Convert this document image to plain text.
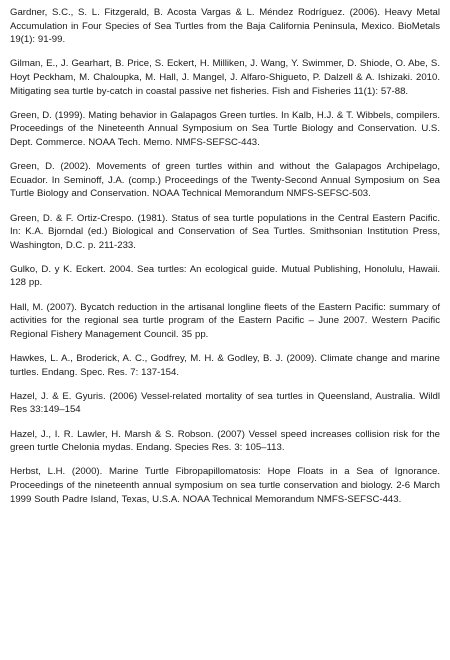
Gardner, S.C., S. L. Fitzgerald, B. Acosta Vargas & L. Méndez Rodríguez. (2006). Heavy Metal Accumulation in Four Species of Sea Turtles from the Baja California Peninsula, Mexico. BioMetals 19(1): 91-99.

Gilman, E., J. Gearhart, B. Price, S. Eckert, H. Milliken, J. Wang, Y. Swimmer, D. Shiode, O. Abe, S. Hoyt Peckham, M. Chaloupka, M. Hall, J. Mangel, J. Alfaro-Shigueto, P. Dalzell & A. Ishizaki. 2010. Mitigating sea turtle by-catch in coastal passive net fisheries. Fish and Fisheries 11(1): 57-88.

Green, D. (1999). Mating behavior in Galapagos Green turtles. In Kalb, H.J. & T. Wibbels, compilers. Proceedings of the Nineteenth Annual Symposium on Sea Turtle Biology and Conservation. U.S. Dept. Commerce. NOAA Tech. Memo. NMFS-SEFSC-443.

Green, D. (2002). Movements of green turtles within and without the Galapagos Archipelago, Ecuador. In Seminoff, J.A. (comp.) Proceedings of the Twenty-Second Annual Symposium on Sea Turtle Biology and Conservation. NOAA Technical Memorandum NMFS-SEFSC-503.

Green, D. & F. Ortiz-Crespo. (1981). Status of sea turtle populations in the Central Eastern Pacific. In: K.A. Bjorndal (ed.) Biological and Conservation of Sea Turtles. Smithsonian Institution Press, Washington, D.C. p. 211-233.

Gulko, D. y K. Eckert. 2004. Sea turtles: An ecological guide. Mutual Publishing, Honolulu, Hawaii. 128 pp.

Hall, M. (2007). Bycatch reduction in the artisanal longline fleets of the Eastern Pacific: summary of activities for the regional sea turtle program of the Eastern Pacific – June 2007. Western Pacific Regional Fishery Management Council. 35 pp.

Hawkes, L. A., Broderick, A. C., Godfrey, M. H. & Godley, B. J. (2009). Climate change and marine turtles. Endang. Spec. Res. 7: 137-154.

Hazel, J. & E. Gyuris. (2006) Vessel-related mortality of sea turtles in Queensland, Australia. Wildl Res 33:149–154

Hazel, J., I. R. Lawler, H. Marsh & S. Robson. (2007) Vessel speed increases collision risk for the green turtle Chelonia mydas. Endang. Species Res. 3: 105–113.

Herbst, L.H. (2000). Marine Turtle Fibropapillomatosis: Hope Floats in a Sea of Ignorance. Proceedings of the nineteenth annual symposium on sea turtle conservation and biology. 2-6 March 1999 South Padre Island, Texas, U.S.A. NOAA Technical Memorandum NMFS-SEFSC-443.
